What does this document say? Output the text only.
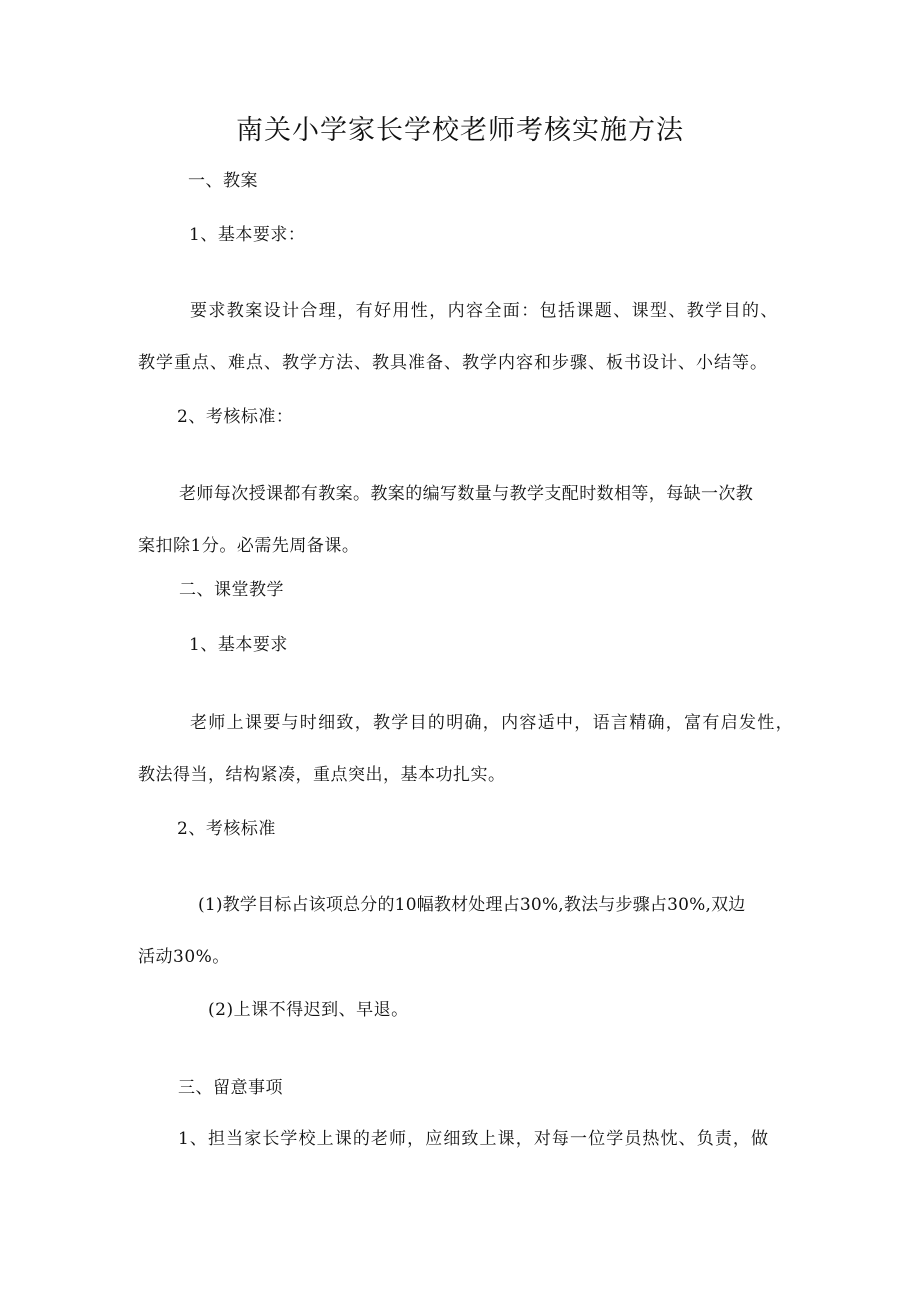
南关小学家长学校老师考核实施方法
一、教案
1、基本要求：
要求教案设计合理，有好用性，内容全面：包括课题、课型、教学目的、
教学重点、难点、教学方法、教具准备、教学内容和步骤、板书设计、小结等。
2、考核标准：
老师每次授课都有教案。教案的编写数量与教学支配时数相等，每缺一次教
案扣除1分。必需先周备课。
二、课堂教学
1、基本要求
老师上课要与时细致，教学目的明确，内容适中，语言精确，富有启发性，
教法得当，结构紧凑，重点突出，基本功扎实。
2、考核标准
(1)教学目标占该项总分的10幅教材处理占30%,教法与步骤占30%,双边
活动30%。
(2)上课不得迟到、早退。
三、留意事项
1、担当家长学校上课的老师，应细致上课，对每一位学员热忱、负责，做
